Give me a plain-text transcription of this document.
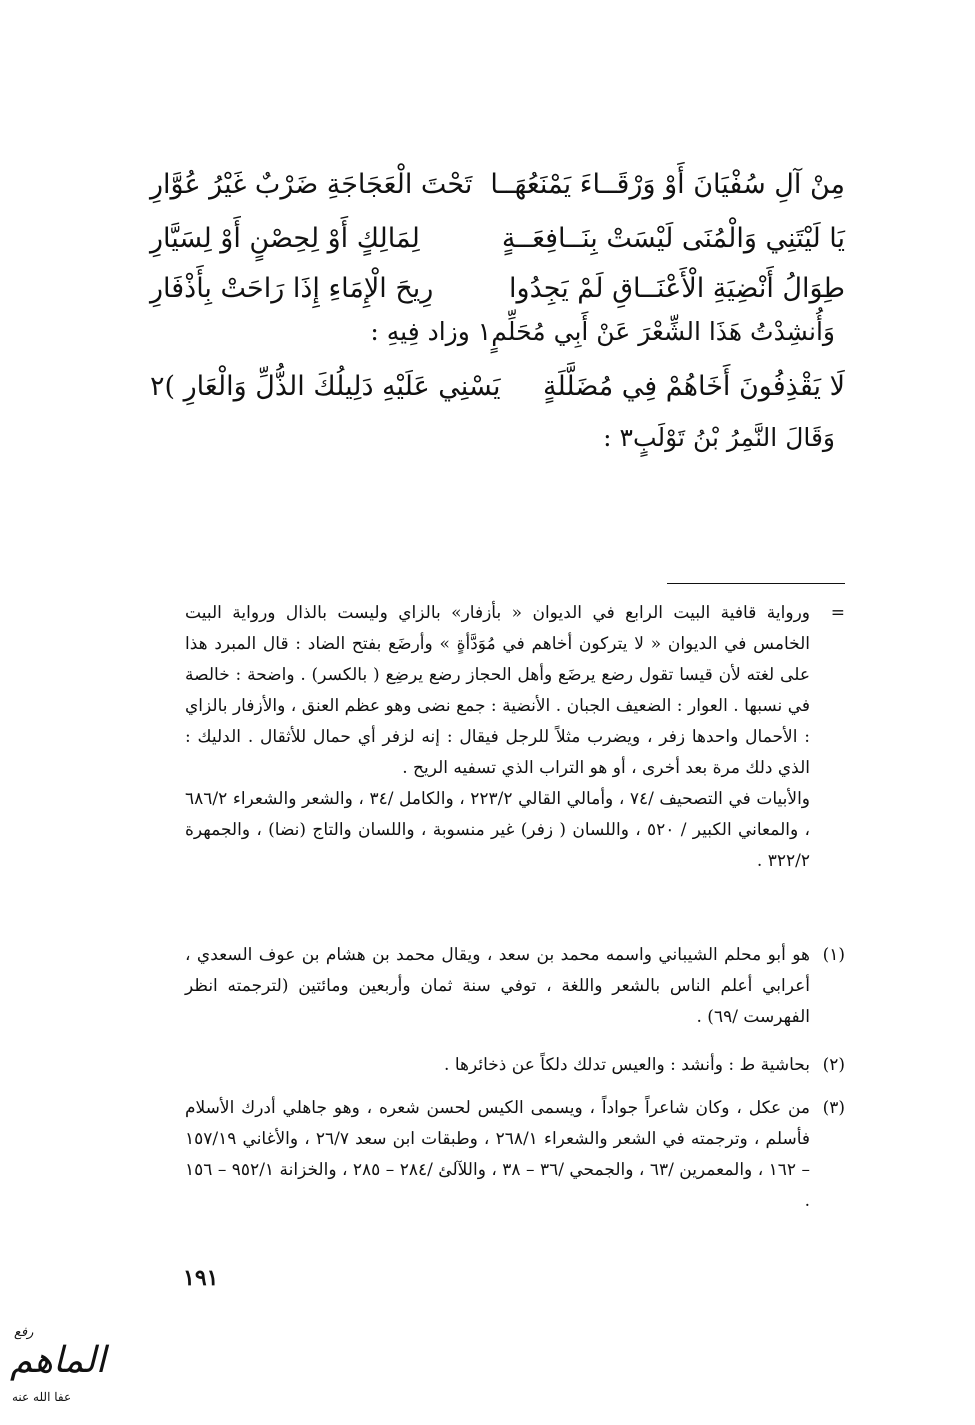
مِنْ آلِ سُفْيَانَ أَوْ وَرْقَــاءَ يَمْنَعُهَــا
تَحْتَ الْعَجَاجَةِ ضَرْبٌ غَيْرُ عُوَّارِ
يَا لَيْتَنِي وَالْمُنَى لَيْسَتْ بِنَــافِعَــةٍ
لِمَالِكٍ أَوْ لِحِصْنٍ أَوْ لِسَيَّارِ
طِوَالُ أَنْضِيَةِ الْأَعْنَــاقِ لَمْ يَجِدُوا
رِيحَ الْإِمَاءِ إِذَا رَاحَتْ بِأَذْفَارِ
وَأُنشِدْتُ هَذَا الشِّعْرَ عَنْ أَبِي مُحَلِّمٍ١ وزاد فِيهِ :
لَا يَقْذِفُونَ أَخَاهُمْ فِي مُضَلَّلَةٍ
يَسْنِي عَلَيْهِ دَلِيلُكَ الذُّلِّ وَالْعَارِ )٢
وَقَالَ النَّمِرُ بْنُ تَوْلَبٍ٣ :
=

ورواية قافية البيت الرابع في الديوان « بأزفار» بالزاي وليست بالذال ورواية البيت الخامس في الديوان « لا يتركون أخاهم في مُوَدَّأةٍ » وأرضَع بفتح الضاد : قال المبرد هذا على لغته لأن قيسا تقول رضع يرضَع وأهل الحجاز رضع يرضِع ( بالكسر) . واضحة : خالصة في نسبها . العوار : الضعيف الجبان . الأنضية : جمع نضى وهو عظم العنق ، والأزفار بالزاي : الأحمال واحدها زفر ، ويضرب مثلاً للرجل فيقال : إنه لزفر أي حمال للأثقال . الدليك : الذي دلك مرة بعد أخرى ، أو هو التراب الذي تسفيه الريح .

والأبيات في التصحيف /٧٤ ، وأمالي القالي ٢٢٣/٢ ، والكامل /٣٤ ، والشعر والشعراء ٦٨٦/٢ ، والمعاني الكبير / ٥٢٠ ، واللسان ( زفر) غير منسوبة ، واللسان والتاج (نضا) ، والجمهرة ٣٢٢/٢ .

(١)
هو أبو محلم الشيباني واسمه محمد بن سعد ، ويقال محمد بن هشام بن عوف السعدي ، أعرابي أعلم الناس بالشعر واللغة ، توفي سنة ثمان وأربعين ومائتين (لترجمته انظر الفهرست /٦٩) .
(٢)
بحاشية ط : وأنشد : والعيس تدلك دلكاً عن ذخائرها .
(٣)
من عكل ، وكان شاعراً جواداً ، ويسمى الكيس لحسن شعره ، وهو جاهلي أدرك الأسلام فأسلم ، وترجمته في الشعر والشعراء ٢٦٨/١ ، وطبقات ابن سعد ٢٦/٧ ، والأغاني ١٥٧/١٩ – ١٦٢ ، والمعمرين /٦٣ ، والجمحي /٣٦ – ٣٨ ، واللآلئ /٢٨٤ – ٢٨٥ ، والخزانة ٩٥٢/١ – ١٥٦ .
١٩١
رفع
الماهم
عفا الله عنه
